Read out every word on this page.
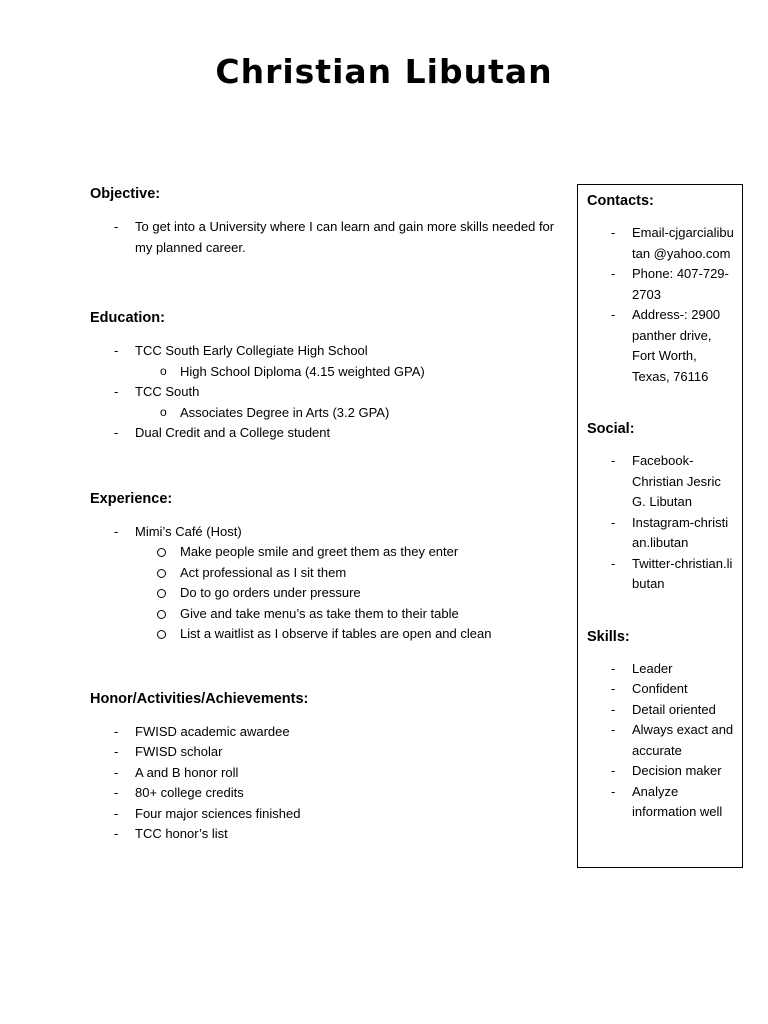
Christian Libutan
Objective:
- To get into a University where I can learn and gain more skills needed for my planned career.
Education:
- TCC South Early Collegiate High School
o High School Diploma (4.15 weighted GPA)
- TCC South
o Associates Degree in Arts (3.2 GPA)
- Dual Credit and a College student
Experience:
- Mimi’s Café (Host)
Make people smile and greet them as they enter
Act professional as I sit them
Do to go orders under pressure
Give and take menu’s as take them to their table
List a waitlist as I observe if tables are open and clean
Honor/Activities/Achievements:
- FWISD academic awardee
- FWISD scholar
- A and B honor roll
- 80+ college credits
- Four major sciences finished
- TCC honor’s list
Contacts:
- Email-cjgarcialibutan @yahoo.com
- Phone: 407-729-2703
- Address-: 2900 panther drive, Fort Worth, Texas, 76116
Social:
- Facebook-Christian Jesric G. Libutan
- Instagram-christian.libutan
- Twitter-christian.libutan
Skills:
- Leader
- Confident
- Detail oriented
- Always exact and accurate
- Decision maker
- Analyze information well
